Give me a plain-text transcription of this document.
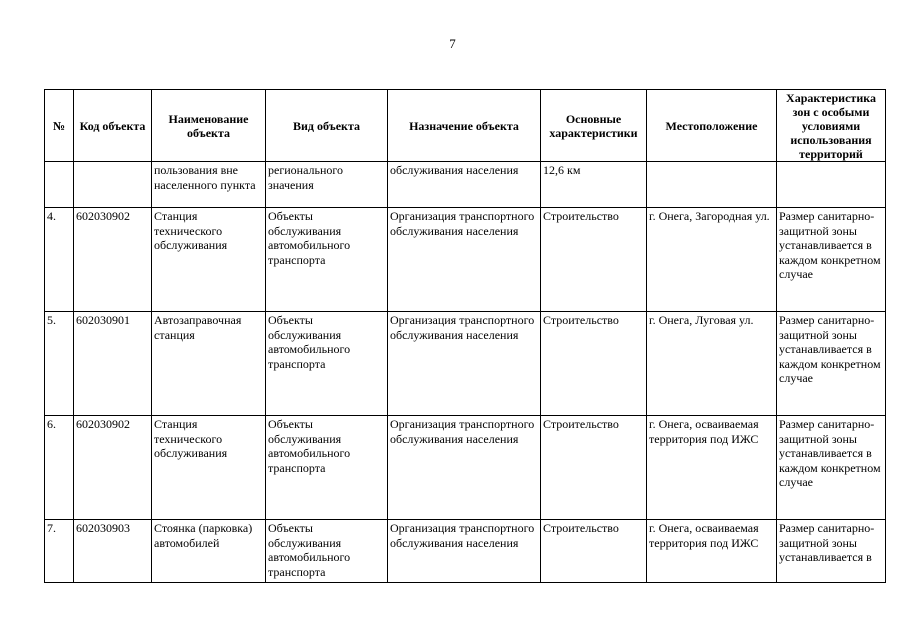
7
№	Код объекта	Наименование объекта	Вид объекта	Назначение объекта	Основные характеристики	Местоположение	Характеристика зон с особыми условиями использования территорий
		пользования вне населенного пункта	регионального значения	обслуживания населения	12,6 км		
4.	602030902	Станция технического обслуживания	Объекты обслуживания автомобильного транспорта	Организация транспортного обслуживания населения	Строительство	г. Онега, Загородная ул.	Размер санитарно-защитной зоны устанавливается в каждом конкретном случае
5.	602030901	Автозаправочная станция	Объекты обслуживания автомобильного транспорта	Организация транспортного обслуживания населения	Строительство	г. Онега, Луговая ул.	Размер санитарно-защитной зоны устанавливается в каждом конкретном случае
6.	602030902	Станция технического обслуживания	Объекты обслуживания автомобильного транспорта	Организация транспортного обслуживания населения	Строительство	г. Онега, осваиваемая территория под ИЖС	Размер санитарно-защитной зоны устанавливается в каждом конкретном случае
7.	602030903	Стоянка (парковка) автомобилей	Объекты обслуживания автомобильного транспорта	Организация транспортного обслуживания населения	Строительство	г. Онега, осваиваемая территория под ИЖС	Размер санитарно-защитной зоны устанавливается в
